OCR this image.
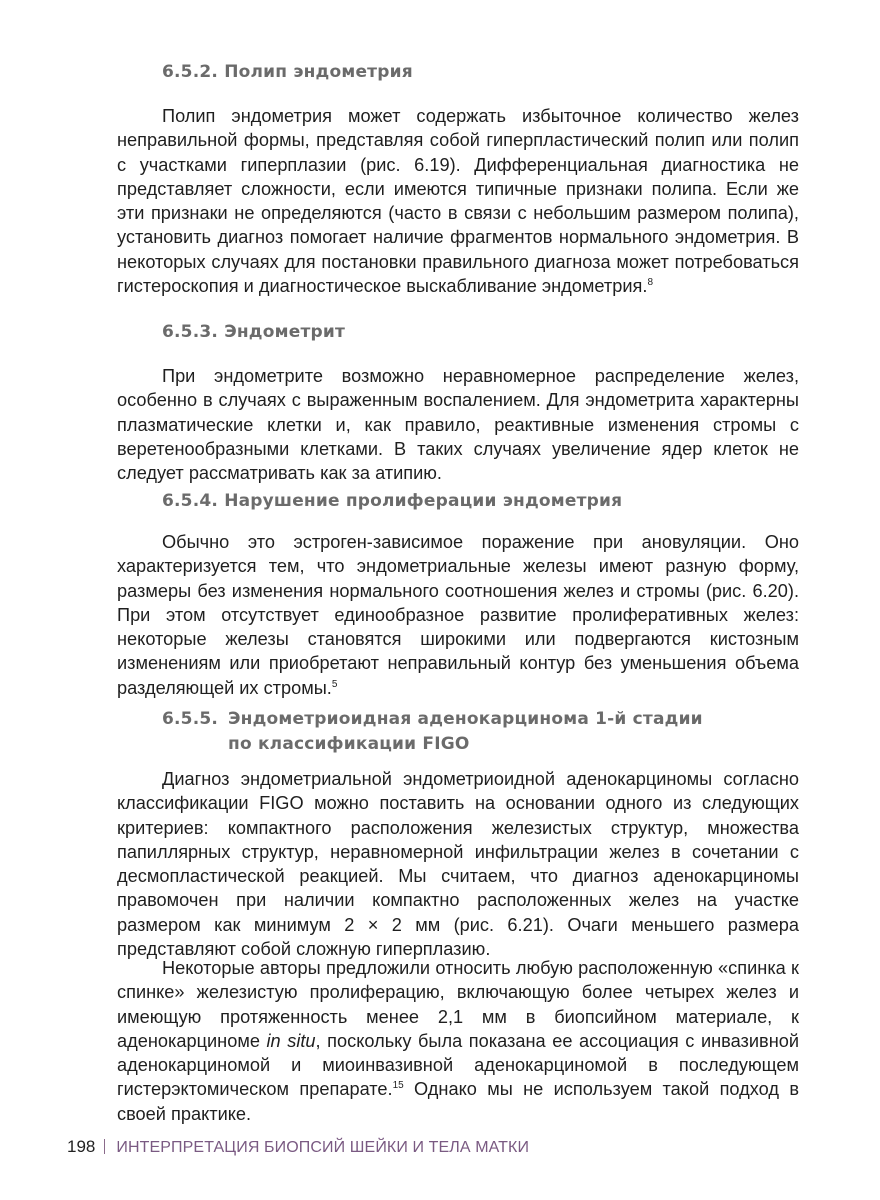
6.5.2. Полип эндометрия

Полип эндометрия может содержать избыточное количество желез неправильной формы, представляя собой гиперпластический полип или полип с участками гиперплазии (рис. 6.19). Дифференциальная диагностика не представляет сложности, если имеются типичные признаки полипа. Если же эти признаки не определяются (часто в связи с небольшим размером полипа), установить диагноз помогает наличие фрагментов нормального эндометрия. В некоторых случаях для постановки правильного диагноза может потребоваться гистероскопия и диагностическое выскабливание эндометрия.$^8$

6.5.3. Эндометрит

При эндометрите возможно неравномерное распределение желез, особенно в случаях с выраженным воспалением. Для эндометрита характерны плазматические клетки и, как правило, реактивные изменения стромы с веретенообразными клетками. В таких случаях увеличение ядер клеток не следует рассматривать как за атипию.

6.5.4. Нарушение пролиферации эндометрия

Обычно это эстроген-зависимое поражение при ановуляции. Оно характеризуется тем, что эндометриальные железы имеют разную форму, размеры без изменения нормального соотношения желез и стромы (рис. 6.20). При этом отсутствует единообразное развитие пролиферативных желез: некоторые железы становятся широкими или подвергаются кистозным изменениям или приобретают неправильный контур без уменьшения объема разделяющей их стромы.$^5$

6.5.5. Эндометриоидная аденокарцинома 1-й стадии
по классификации FIGO

Диагноз эндометриальной эндометриоидной аденокарциномы согласно классификации FIGO можно поставить на основании одного из следующих критериев: компактного расположения железистых структур, множества папиллярных структур, неравномерной инфильтрации желез в сочетании с десмопластической реакцией. Мы считаем, что диагноз аденокарциномы правомочен при наличии компактно расположенных желез на участке размером как минимум 2 × 2 мм (рис. 6.21). Очаги меньшего размера представляют собой сложную гиперплазию.

Некоторые авторы предложили относить любую расположенную «спинка к спинке» железистую пролиферацию, включающую более четырех желез и имеющую протяженность менее 2,1 мм в биопсийном материале, к аденокарциноме in situ, поскольку была показана ее ассоциация с инвазивной аденокарциномой и миоинвазивной аденокарциномой в последующем гистерэктомическом препарате.$^{15}$ Однако мы не используем такой подход в своей практике.

198 ИНТЕРПРЕТАЦИЯ БИОПСИЙ ШЕЙКИ И ТЕЛА МАТКИ
